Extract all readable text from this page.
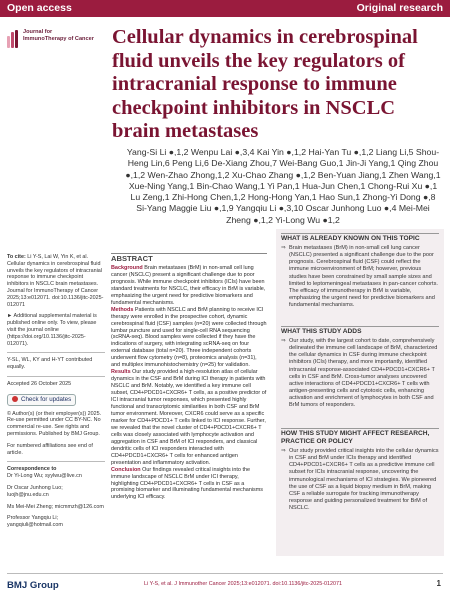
Open access	Original research
Journal for
ImmunoTherapy of Cancer Cellular dynamics in cerebrospinal fluid unveils the key regulators of intracranial response to immune checkpoint inhibitors in NSCLC brain metastases
Yang-Si Li ●,1,2 Wenpu Lai ●,3,4 Kai Yin ●,1,2 Hai-Yan Tu ●,1,2 Liang Li,5 Shou-Heng Lin,6 Peng Li,6 De-Xiang Zhou,7 Wei-Bang Guo,1 Jin-Ji Yang,1 Qing Zhou ●,1,2 Wen-Zhao Zhong,1,2 Xu-Chao Zhang ●,1,2 Ben-Yuan Jiang,1 Zhen Wang,1 Xue-Ning Yang,1 Bin-Chao Wang,1 Yi Pan,1 Hua-Jun Chen,1 Chong-Rui Xu ●,1 Lu Zeng,1 Zhi-Hong Chen,1,2 Hong-Hong Yan,1 Hao Sun,1 Zhong-Yi Dong ●,8 Si-Yang Maggie Liu ●,1,9 Yangqiu Li ●,3,10 Oscar Junhong Luo ●,4 Mei-Mei Zheng ●,1,2 Yi-Long Wu ●1,2

To cite: Li Y-S, Lai W, Yin K, et al. Cellular dynamics in cerebrospinal fluid unveils the key regulators of intracranial response to immune checkpoint inhibitors in NSCLC brain metastases. Journal for ImmunoTherapy of Cancer 2025;13:e012071. doi:10.1136/jitc-2025-012071

► Additional supplemental material is published online only. To view, please visit the journal online (https://doi.org/10.1136/jitc-2025-012071).

Y-SL, WL, KY and H-YT contributed equally.

Accepted 26 October 2025

Check for updates

© Author(s) (or their employer(s)) 2025. Re-use permitted under CC BY-NC. No commercial re-use. See rights and permissions. Published by BMJ Group.

For numbered affiliations see end of article.

Correspondence to
Dr Yi-Long Wu; syylwu@live.cn

Dr Oscar Junhong Luo; luojh@jnu.edu.cn

Ms Mei-Mei Zheng; micmmzh@126.com

Professor Yangqiu Li; yangqiuli@hotmail.com

ABSTRACT

Background Brain metastases (BrM) in non-small cell lung cancer (NSCLC) present a significant challenge due to poor prognosis. While immune checkpoint inhibitors (ICIs) have been standard treatments for NSCLC, their efficacy in BrM is variable, emphasizing the urgent need for predictive biomarkers and fundamental mechanisms.

Methods Patients with NSCLC and BrM planning to receive ICI therapy were enrolled in the prospective cohort, dynamic cerebrospinal fluid (CSF) samples (n=20) were collected through lumbar puncture and used for single-cell RNA sequencing (scRNA-seq). Blood samples were collected if they have the indications of surgery, with integrating scRNA-seq on four external database (total n=20). Three independent cohorts underwent flow cytometry (n=8), proteomics analysis (n=31), and multiplex immunohistochemistry (n=25) for validation.

Results Our study provided a high-resolution atlas of cellular dynamics in the CSF and BrM during ICI therapy in patients with NSCLC and BrM. Notably, we identified a key immune cell subset, CD4+PDCD1+CXCR6+ T cells, as a positive predictor of ICI intracranial tumor responses, which presented highly functional and transcriptomic similarities in both CSF and BrM tumor environment. Moreover, CXCR6 could serve as a specific marker for CD4+PDCD1+ T cells linked to ICI response. Further, we revealed that the novel cluster of CD4+PDCD1+CXCR6+ T cells was closely associated with lymphocyte activation and aggregation in CSF and BrM of ICI responders, and classical dendritic cells of ICI responders interacted with CD4+PDCD1+CXCR6+ T cells for enhanced antigen presentation and inflammatory activation.

Conclusion Our findings revealed critical insights into the immune landscape of NSCLC BrM under ICI therapy, highlighting CD4+PDCD1+CXCR6+ T cells in CSF as a promising biomarker and illuminating fundamental mechanisms underlying ICI efficacy.

WHAT IS ALREADY KNOWN ON THIS TOPIC
⇒ Brain metastases (BrM) in non-small cell lung cancer (NSCLC) presented a significant challenge due to the poor prognosis. Cerebrospinal fluid (CSF) could reflect the immune microenvironment of BrM; however, previous studies have been constrained by small sample sizes and limited to leptomeningeal metastases in pan-cancer cohorts. The efficacy of immunotherapy in BrM is variable, emphasizing the urgent need for predictive biomarkers and fundamental mechanisms.
WHAT THIS STUDY ADDS
⇒ Our study, with the largest cohort to date, comprehensively delineated the immune cell landscape of BrM, characterized the cellular dynamics in CSF during immune checkpoint inhibitors (ICIs) therapy, and more importantly, identified intracranial response-associated CD4+PDCD1+CXCR6+ T cells in CSF and BrM. Cross-tumor analyses uncovered active interactions of CD4+PDCD1+CXCR6+ T cells with antigen-presenting cells and cytotoxic cells, enhancing activation and enrichment of lymphocytes in both CSF and BrM tumors of responders.
HOW THIS STUDY MIGHT AFFECT RESEARCH, PRACTICE OR POLICY
⇒ Our study provided critical insights into the cellular dynamics in CSF and BrM under ICIs therapy and identified CD4+PDCD1+CXCR6+ T cells as a predictive immune cell subset for ICIs intracranial response, uncovering the immunological mechanisms of ICI strategies. We pioneered the use of CSF as a liquid biopsy medium in BrM, making CSF a reliable surrogate for tracking immunotherapy response and guiding personalized treatment for BrM of NSCLC.
BMJ Group	Li Y-S, et al. J Immunother Cancer 2025;13:e012071. doi:10.1136/jitc-2025-012071	1
